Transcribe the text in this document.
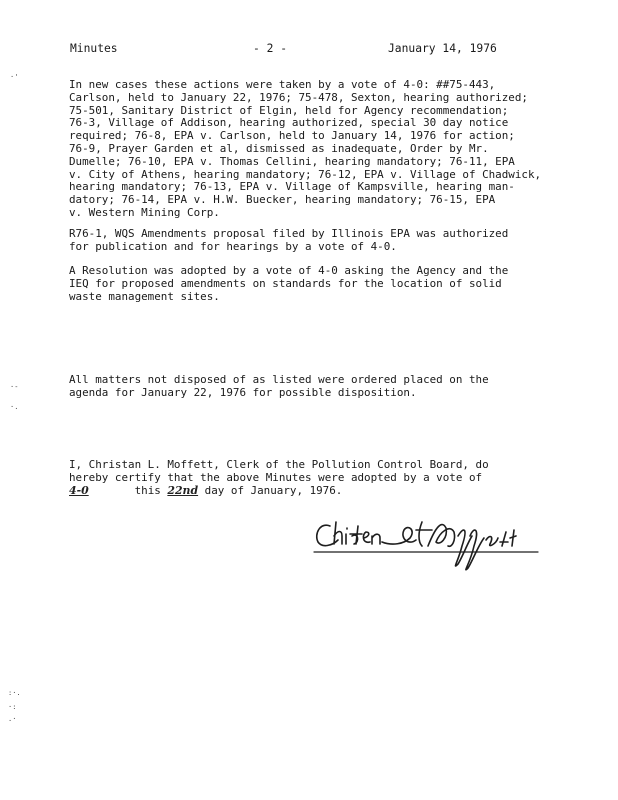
Minutes	- 2 -	January 14, 1976
In new cases these actions were taken by a vote of 4-0: ##75-443,
Carlson, held to January 22, 1976; 75-478, Sexton, hearing authorized;
75-501, Sanitary District of Elgin, held for Agency recommendation;
76-3, Village of Addison, hearing authorized, special 30 day notice
required; 76-8, EPA v. Carlson, held to January 14, 1976 for action;
76-9, Prayer Garden et al, dismissed as inadequate, Order by Mr.
Dumelle; 76-10, EPA v. Thomas Cellini, hearing mandatory; 76-11, EPA
v. City of Athens, hearing mandatory; 76-12, EPA v. Village of Chadwick,
hearing mandatory; 76-13, EPA v. Village of Kampsville, hearing man-
datory; 76-14, EPA v. H.W. Buecker, hearing mandatory; 76-15, EPA
v. Western Mining Corp.
R76-1, WQS Amendments proposal filed by Illinois EPA was authorized
for publication and for hearings by a vote of 4-0.
A Resolution was adopted by a vote of 4-0 asking the Agency and the
IEQ for proposed amendments on standards for the location of solid
waste management sites.
All matters not disposed of as listed were ordered placed on the
agenda for January 22, 1976 for possible disposition.
I, Christan L. Moffett, Clerk of the Pollution Control Board, do
hereby certify that the above Minutes were adopted by a vote of
4-0	this 22nd day of January, 1976.
·'
·-
·.
:·.
·:
.·
